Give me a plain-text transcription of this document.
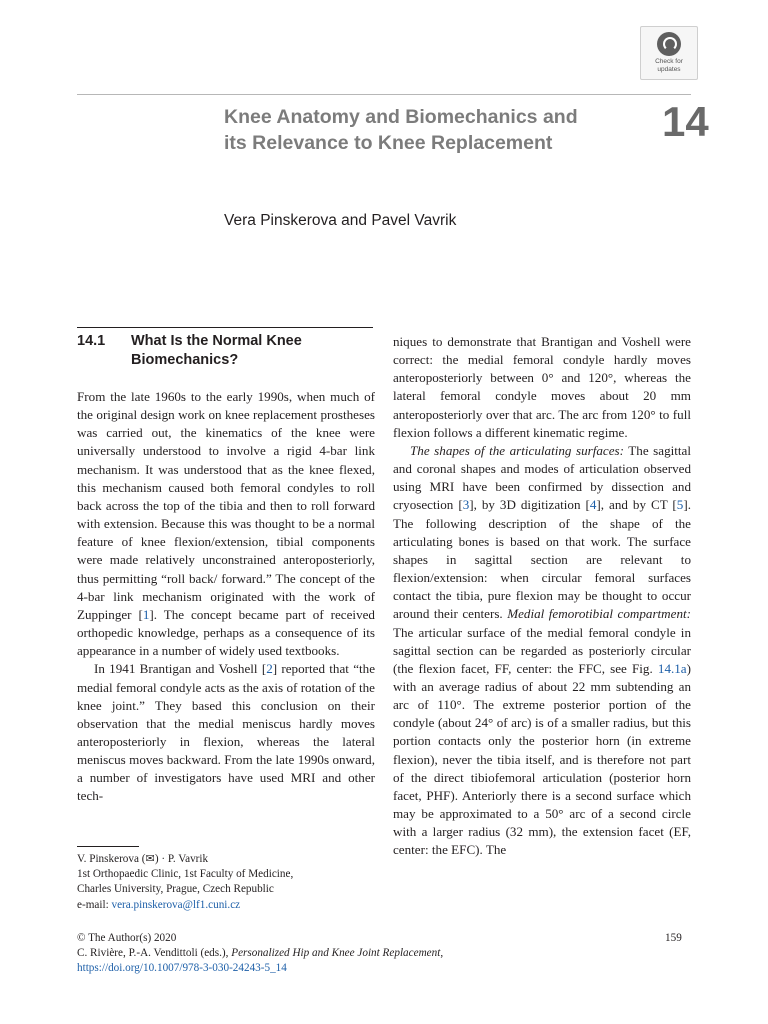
Check for
updates
Knee Anatomy and Biomechanics and its Relevance to Knee Replacement	14
Vera Pinskerova and Pavel Vavrik
14.1	What Is the Normal Knee Biomechanics?

From the late 1960s to the early 1990s, when much of the original design work on knee replacement prostheses was carried out, the kinematics of the knee were universally understood to involve a rigid 4-bar link mechanism. It was understood that as the knee flexed, this mechanism caused both femoral condyles to roll back across the top of the tibia and then to roll forward with extension. Because this was thought to be a normal feature of knee flexion/extension, tibial components were made relatively unconstrained anteroposteriorly, thus permitting “roll back/ forward.” The concept of the 4-bar link mechanism originated with the work of Zuppinger [1]. The concept became part of received orthopedic knowledge, perhaps as a consequence of its appearance in a number of widely used textbooks.

In 1941 Brantigan and Voshell [2] reported that “the medial femoral condyle acts as the axis of rotation of the knee joint.” They based this conclusion on their observation that the medial meniscus hardly moves anteroposteriorly in flexion, whereas the lateral meniscus moves backward. From the late 1990s onward, a number of investigators have used MRI and other tech-

niques to demonstrate that Brantigan and Voshell were correct: the medial femoral condyle hardly moves anteroposteriorly between 0° and 120°, whereas the lateral femoral condyle moves about 20 mm anteroposteriorly over that arc. The arc from 120° to full flexion follows a different kinematic regime.

The shapes of the articulating surfaces: The sagittal and coronal shapes and modes of articulation observed using MRI have been confirmed by dissection and cryosection [3], by 3D digitization [4], and by CT [5]. The following description of the shape of the articulating bones is based on that work. The surface shapes in sagittal section are relevant to flexion/extension: when circular femoral surfaces contact the tibia, pure flexion may be thought to occur around their centers. Medial femorotibial compartment: The articular surface of the medial femoral condyle in sagittal section can be regarded as posteriorly circular (the flexion facet, FF, center: the FFC, see Fig. 14.1a) with an average radius of about 22 mm subtending an arc of 110°. The extreme posterior portion of the condyle (about 24° of arc) is of a smaller radius, but this portion contacts only the posterior horn (in extreme flexion), never the tibia itself, and is therefore not part of the direct tibiofemoral articulation (posterior horn facet, PHF). Anteriorly there is a second surface which may be approximated to a 50° arc of a second circle with a larger radius (32 mm), the extension facet (EF, center: the EFC). The

V. Pinskerova (✉) · P. Vavrik
1st Orthopaedic Clinic, 1st Faculty of Medicine,
Charles University, Prague, Czech Republic
e-mail: vera.pinskerova@lf1.cuni.cz
© The Author(s) 2020
C. Rivière, P.-A. Vendittoli (eds.), Personalized Hip and Knee Joint Replacement,
https://doi.org/10.1007/978-3-030-24243-5_14
159
